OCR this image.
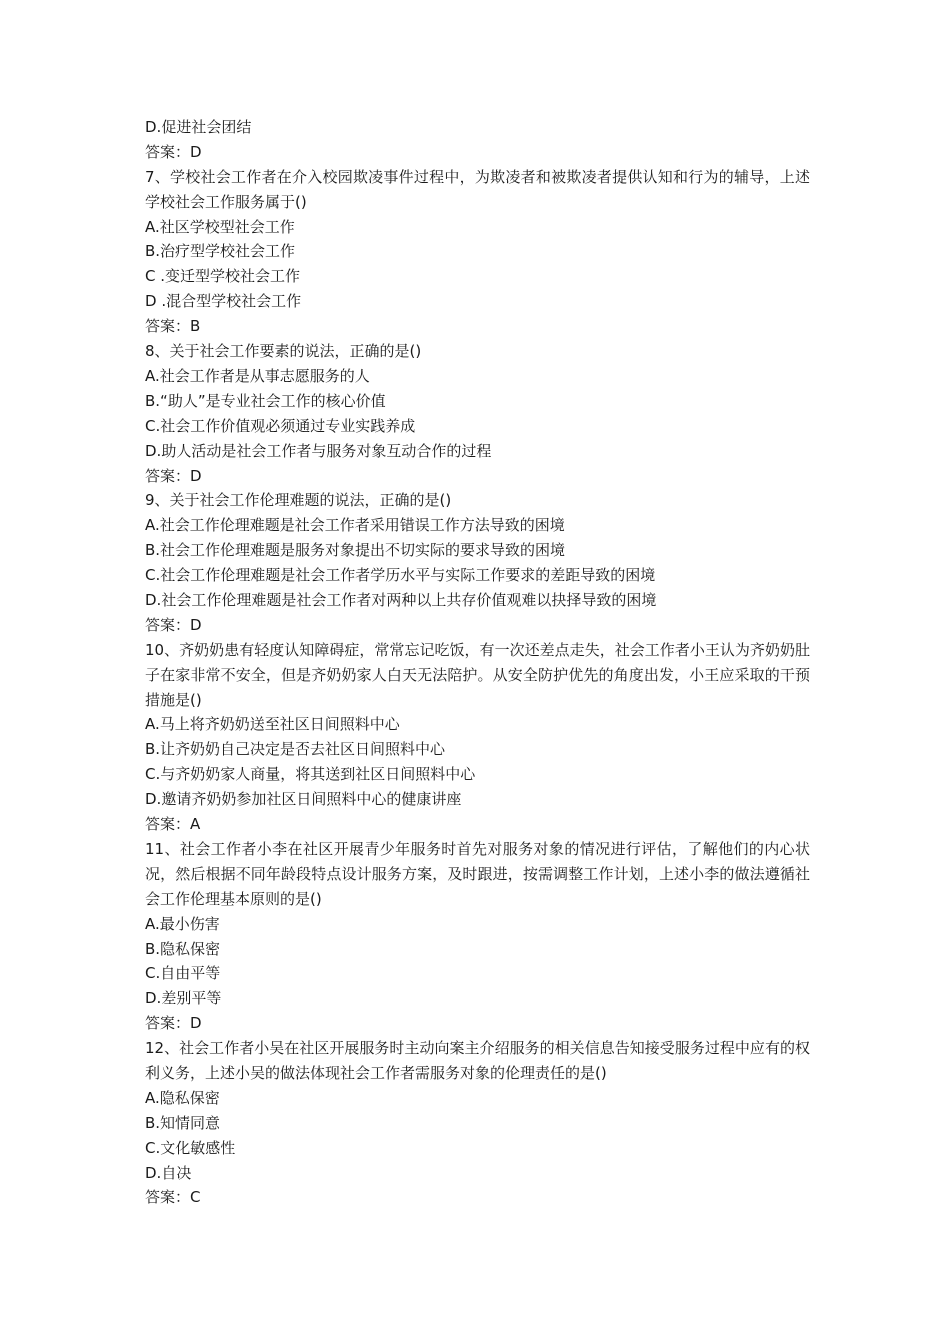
D.促进社会团结
答案：D
7、学校社会工作者在介入校园欺凌事件过程中，为欺凌者和被欺凌者提供认知和行为的辅导，上述学校社会工作服务属于()
A.社区学校型社会工作
B.治疗型学校社会工作
C .变迁型学校社会工作
D .混合型学校社会工作
答案：B
8、关于社会工作要素的说法，正确的是()
A.社会工作者是从事志愿服务的人
B.“助人”是专业社会工作的核心价值
C.社会工作价值观必须通过专业实践养成
D.助人活动是社会工作者与服务对象互动合作的过程
答案：D
9、关于社会工作伦理难题的说法，正确的是()
A.社会工作伦理难题是社会工作者采用错误工作方法导致的困境
B.社会工作伦理难题是服务对象提出不切实际的要求导致的困境
C.社会工作伦理难题是社会工作者学历水平与实际工作要求的差距导致的困境
D.社会工作伦理难题是社会工作者对两种以上共存价值观难以抉择导致的困境
答案：D
10、齐奶奶患有轻度认知障碍症，常常忘记吃饭，有一次还差点走失，社会工作者小王认为齐奶奶肚子在家非常不安全，但是齐奶奶家人白天无法陪护。从安全防护优先的角度出发，小王应采取的干预措施是()
A.马上将齐奶奶送至社区日间照料中心
B.让齐奶奶自己决定是否去社区日间照料中心
C.与齐奶奶家人商量，将其送到社区日间照料中心
D.邀请齐奶奶参加社区日间照料中心的健康讲座
答案：A
11、社会工作者小李在社区开展青少年服务时首先对服务对象的情况进行评估，了解他们的内心状况，然后根据不同年龄段特点设计服务方案，及时跟进，按需调整工作计划，上述小李的做法遵循社会工作伦理基本原则的是()
A.最小伤害
B.隐私保密
C.自由平等
D.差别平等
答案：D
12、社会工作者小吴在社区开展服务时主动向案主介绍服务的相关信息告知接受服务过程中应有的权利义务，上述小吴的做法体现社会工作者需服务对象的伦理责任的是()
A.隐私保密
B.知情同意
C.文化敏感性
D.自决
答案：C
